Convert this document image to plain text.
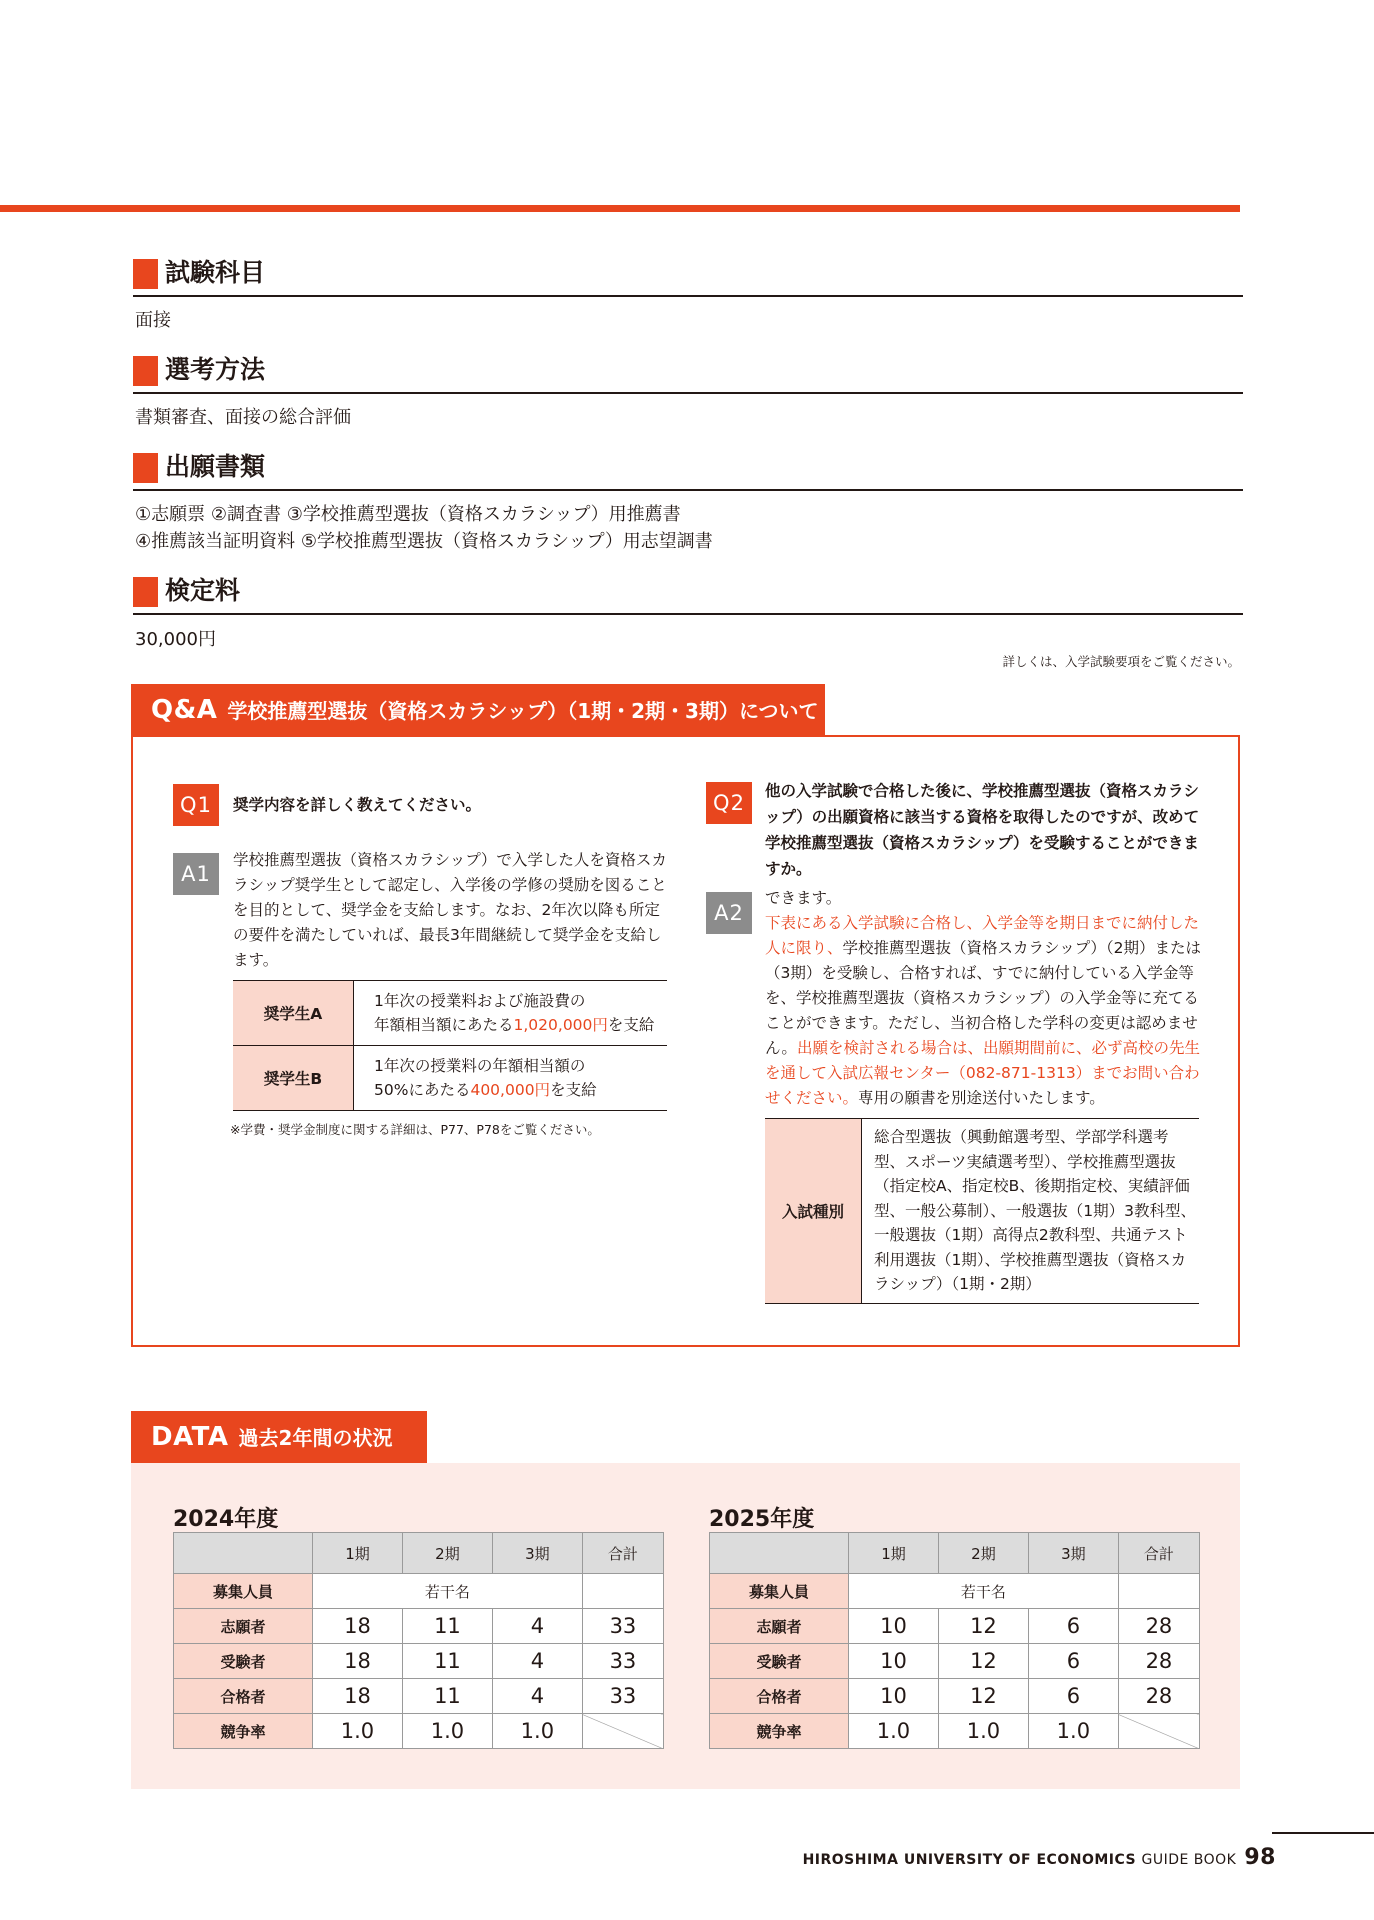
試験科目
面接
選考方法
書類審査、面接の総合評価
出願書類
①志願票 ②調査書 ③学校推薦型選抜（資格スカラシップ）用推薦書
④推薦該当証明資料 ⑤学校推薦型選抜（資格スカラシップ）用志望調書
検定料
30,000円
詳しくは、入学試験要項をご覧ください。
Q&A 学校推薦型選抜（資格スカラシップ）（1期・2期・3期）について
Q1	奨学内容を詳しく教えてください。
A1
学校推薦型選抜（資格スカラシップ）で入学した人を資格スカラシップ奨学生として認定し、入学後の学修の奨励を図ることを目的として、奨学金を支給します。なお、2年次以降も所定の要件を満たしていれば、最長3年間継続して奨学金を支給します。
奨学生A	1年次の授業料および施設費の
年額相当額にあたる1,020,000円を支給

奨学生B	1年次の授業料の年額相当額の
50%にあたる400,000円を支給
※学費・奨学金制度に関する詳細は、P77、P78をご覧ください。
Q2	他の入学試験で合格した後に、学校推薦型選抜（資格スカラシップ）の出願資格に該当する資格を取得したのですが、改めて学校推薦型選抜（資格スカラシップ）を受験することができますか。
A2
できます。
下表にある入学試験に合格し、入学金等を期日までに納付した人に限り、学校推薦型選抜（資格スカラシップ）（2期）または（3期）を受験し、合格すれば、すでに納付している入学金等を、学校推薦型選抜（資格スカラシップ）の入学金等に充てることができます。ただし、当初合格した学科の変更は認めません。出願を検討される場合は、出願期間前に、必ず高校の先生を通して入試広報センター（082-871-1313）までお問い合わせください。専用の願書を別途送付いたします。
入試種別	総合型選抜（興動館選考型、学部学科選考型、スポーツ実績選考型）、学校推薦型選抜（指定校A、指定校B、後期指定校、実績評価型、一般公募制）、一般選抜（1期）3教科型、一般選抜（1期）高得点2教科型、共通テスト利用選抜（1期）、学校推薦型選抜（資格スカラシップ）（1期・2期）
DATA 過去2年間の状況
2024年度
	1期	2期	3期	合計
募集人員	若干名			
志願者	18	11	4	33
受験者	18	11	4	33
合格者	18	11	4	33
競争率	1.0	1.0	1.0	
2025年度
	1期	2期	3期	合計
募集人員	若干名			
志願者	10	12	6	28
受験者	10	12	6	28
合格者	10	12	6	28
競争率	1.0	1.0	1.0	
HIROSHIMA UNIVERSITY OF ECONOMICS GUIDE BOOK 98
